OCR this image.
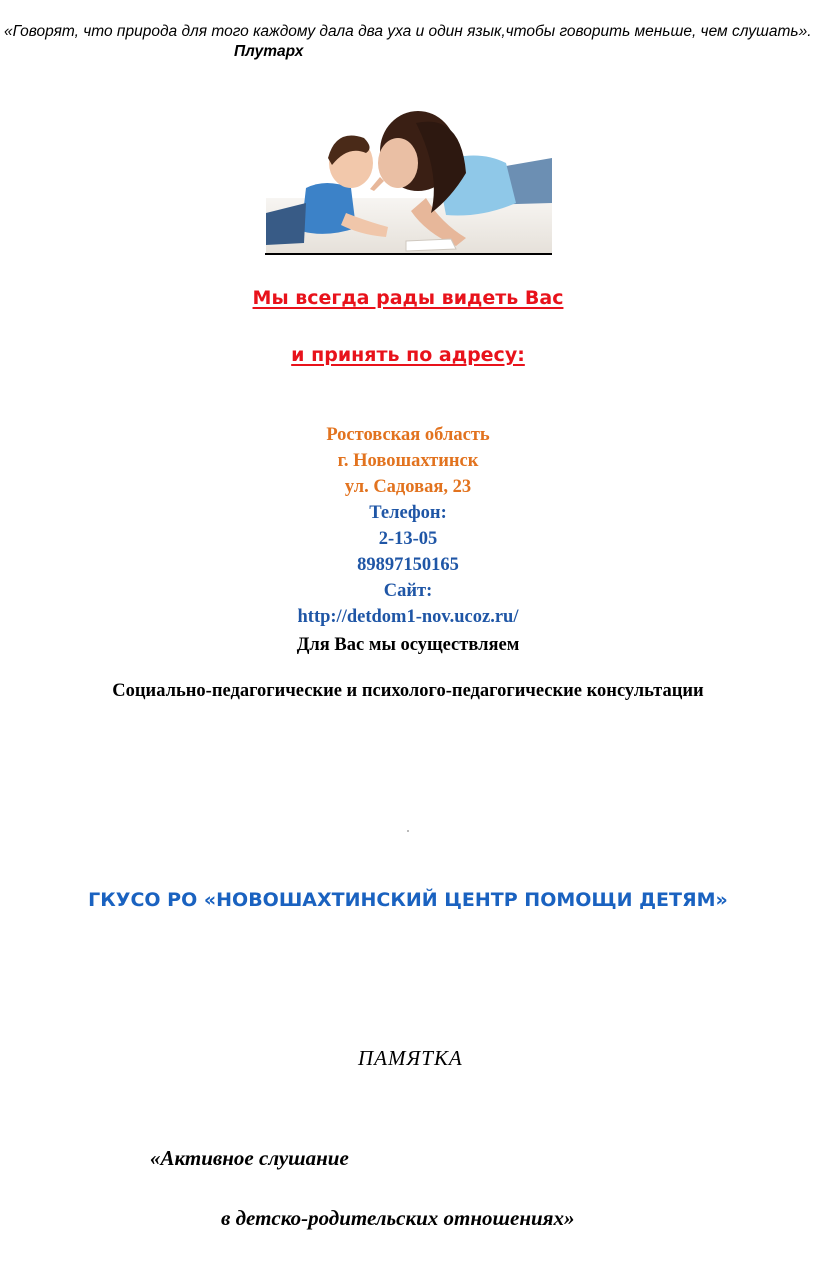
«Говорят, что природа для того каждому дала два уха и один язык,чтобы говорить меньше, чем слушать». Плутарх

Мы всегда рады видеть Вас

и принять по адресу:

Ростовская область

г. Новошахтинск

ул. Садовая, 23

Телефон:

2-13-05

89897150165

Сайт:

http://detdom1-nov.ucoz.ru/

Для Вас мы осуществляем

Социально-педагогические и психолого-педагогические консультации

ГКУСО РО «НОВОШАХТИНСКИЙ ЦЕНТР ПОМОЩИ ДЕТЯМ»

ПАМЯТКА

«Активное слушание

в детско-родительских отношениях»
